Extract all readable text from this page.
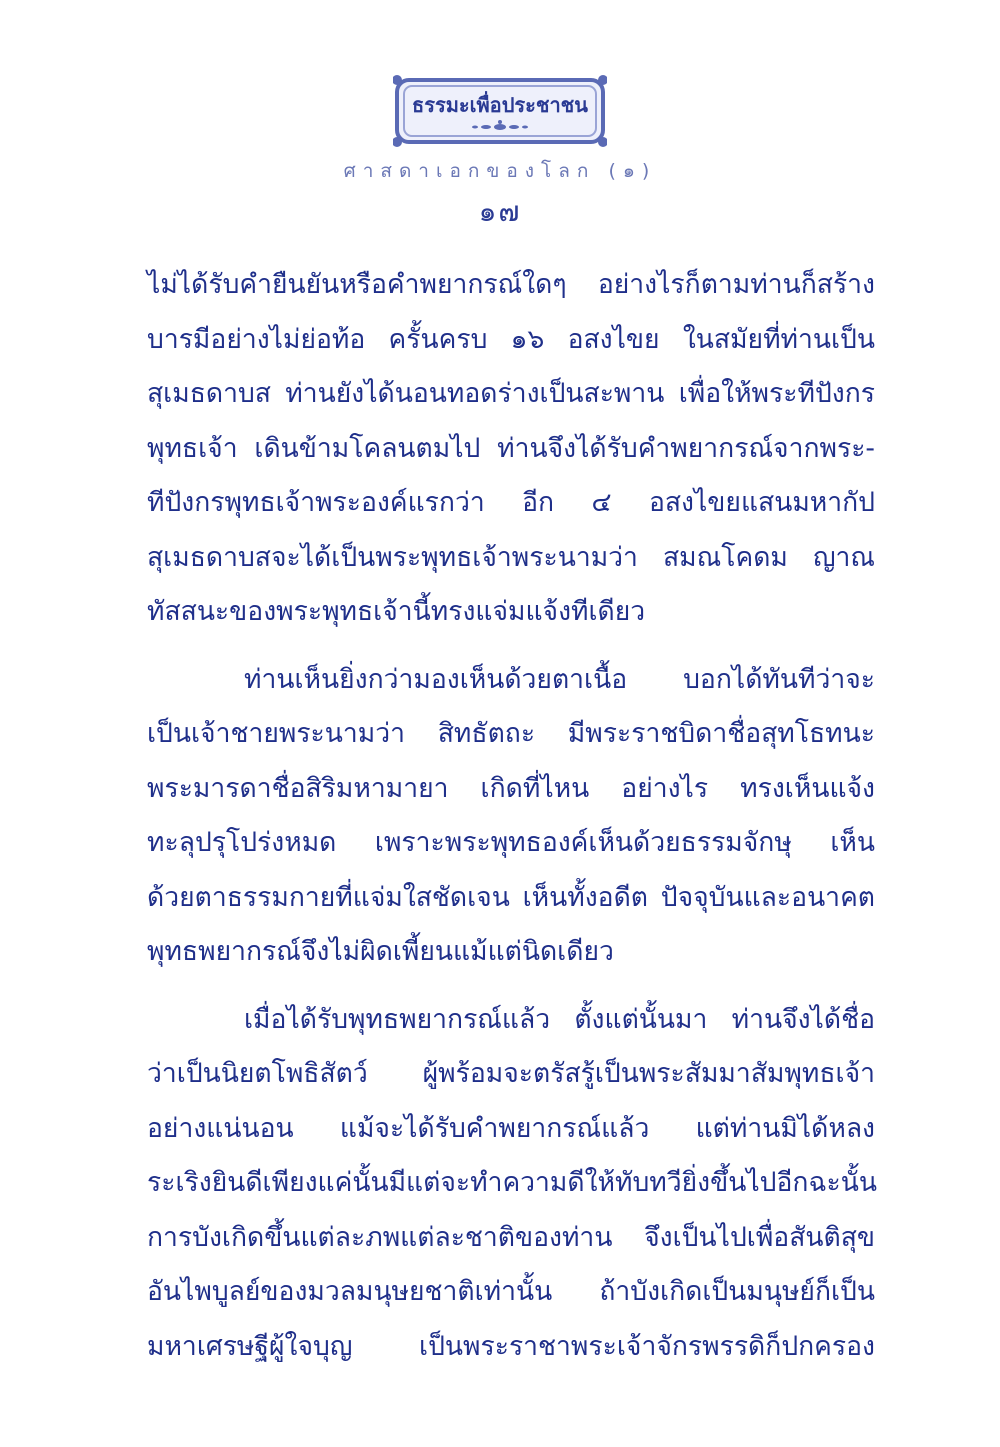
ธรรมะเพื่อประชาชน
ศาสดาเอกของโลก (๑)
๑๗
ไม่ได้รับคำยืนยันหรือคำพยากรณ์ใดๆ อย่างไรก็ตามท่านก็สร้าง
บารมีอย่างไม่ย่อท้อ ครั้นครบ ๑๖ อสงไขย ในสมัยที่ท่านเป็น
สุเมธดาบส ท่านยังได้นอนทอดร่างเป็นสะพาน เพื่อให้พระทีปังกร
พุทธเจ้า เดินข้ามโคลนตมไป ท่านจึงได้รับคำพยากรณ์จากพระ-
ทีปังกรพุทธเจ้าพระองค์แรกว่า อีก ๔ อสงไขยแสนมหากัป
สุเมธดาบสจะได้เป็นพระพุทธเจ้าพระนามว่า สมณโคดม ญาณ
ทัสสนะของพระพุทธเจ้านี้ทรงแจ่มแจ้งทีเดียว
ท่านเห็นยิ่งกว่ามองเห็นด้วยตาเนื้อ บอกได้ทันทีว่าจะ
เป็นเจ้าชายพระนามว่า สิทธัตถะ มีพระราชบิดาชื่อสุทโธทนะ
พระมารดาชื่อสิริมหามายา เกิดที่ไหน อย่างไร ทรงเห็นแจ้ง
ทะลุปรุโปร่งหมด เพราะพระพุทธองค์เห็นด้วยธรรมจักษุ เห็น
ด้วยตาธรรมกายที่แจ่มใสชัดเจน เห็นทั้งอดีต ปัจจุบันและอนาคต
พุทธพยากรณ์จึงไม่ผิดเพี้ยนแม้แต่นิดเดียว
เมื่อได้รับพุทธพยากรณ์แล้ว ตั้งแต่นั้นมา ท่านจึงได้ชื่อ
ว่าเป็นนิยตโพธิสัตว์ ผู้พร้อมจะตรัสรู้เป็นพระสัมมาสัมพุทธเจ้า
อย่างแน่นอน แม้จะได้รับคำพยากรณ์แล้ว แต่ท่านมิได้หลง
ระเริงยินดีเพียงแค่นั้นมีแต่จะทำความดีให้ทับทวียิ่งขึ้นไปอีกฉะนั้น
การบังเกิดขึ้นแต่ละภพแต่ละชาติของท่าน จึงเป็นไปเพื่อสันติสุข
อันไพบูลย์ของมวลมนุษยชาติเท่านั้น ถ้าบังเกิดเป็นมนุษย์ก็เป็น
มหาเศรษฐีผู้ใจบุญ เป็นพระราชาพระเจ้าจักรพรรดิก็ปกครอง
